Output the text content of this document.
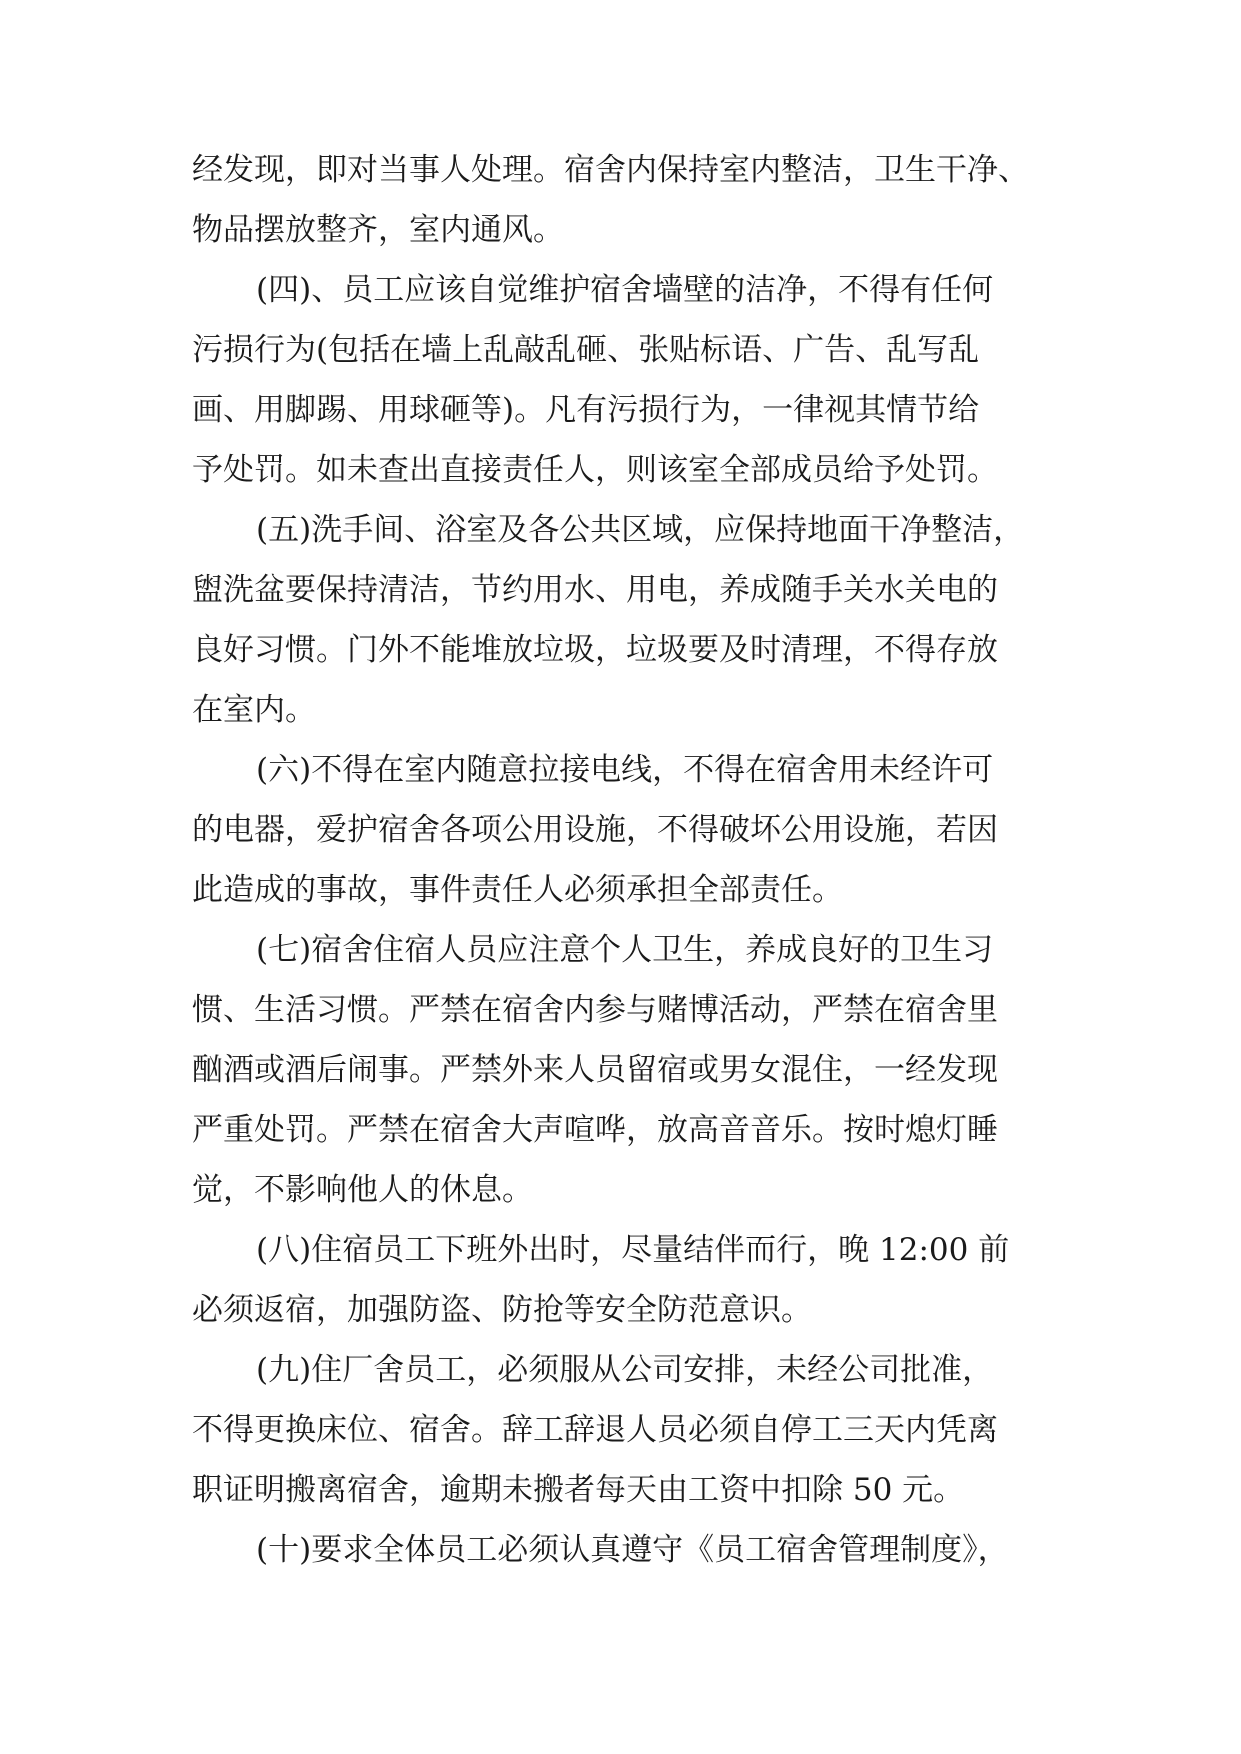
经发现，即对当事人处理。宿舍内保持室内整洁，卫生干净、
物品摆放整齐，室内通风。
(四)、员工应该自觉维护宿舍墙壁的洁净，不得有任何
污损行为(包括在墙上乱敲乱砸、张贴标语、广告、乱写乱
画、用脚踢、用球砸等)。凡有污损行为，一律视其情节给
予处罚。如未查出直接责任人，则该室全部成员给予处罚。
(五)洗手间、浴室及各公共区域，应保持地面干净整洁，
盥洗盆要保持清洁，节约用水、用电，养成随手关水关电的
良好习惯。门外不能堆放垃圾，垃圾要及时清理，不得存放
在室内。
(六)不得在室内随意拉接电线，不得在宿舍用未经许可
的电器，爱护宿舍各项公用设施，不得破坏公用设施，若因
此造成的事故，事件责任人必须承担全部责任。
(七)宿舍住宿人员应注意个人卫生，养成良好的卫生习
惯、生活习惯。严禁在宿舍内参与赌博活动，严禁在宿舍里
酗酒或酒后闹事。严禁外来人员留宿或男女混住，一经发现
严重处罚。严禁在宿舍大声喧哗，放高音音乐。按时熄灯睡
觉，不影响他人的休息。
(八)住宿员工下班外出时，尽量结伴而行，晚 12:00 前
必须返宿，加强防盗、防抢等安全防范意识。
(九)住厂舍员工，必须服从公司安排，未经公司批准，
不得更换床位、宿舍。辞工辞退人员必须自停工三天内凭离
职证明搬离宿舍，逾期未搬者每天由工资中扣除 50 元。
(十)要求全体员工必须认真遵守《员工宿舍管理制度》，
